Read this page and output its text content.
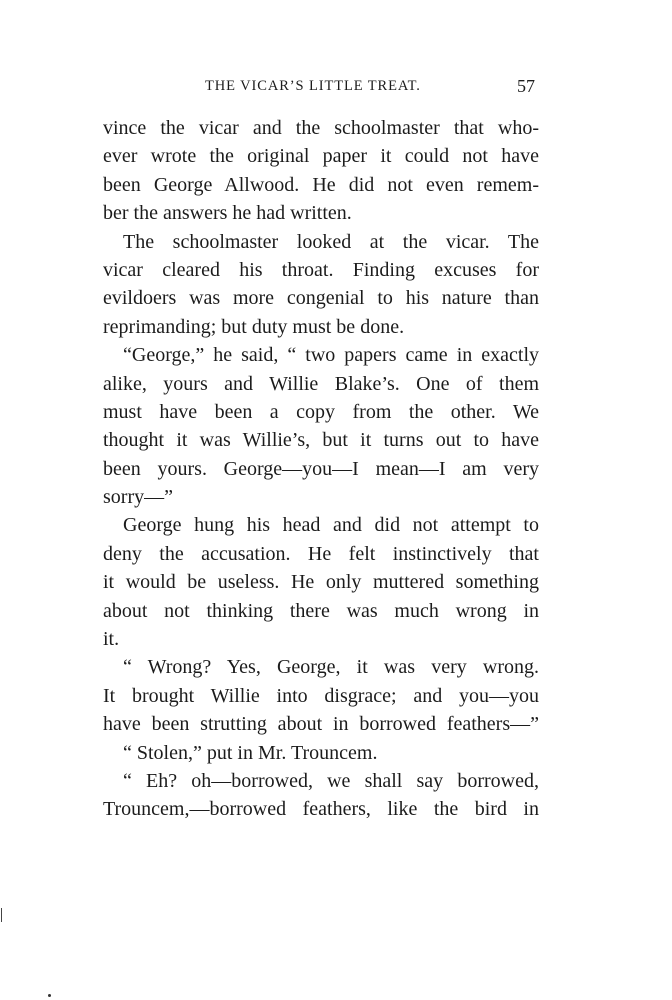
THE VICAR’S LITTLE TREAT.	57
vince the vicar and the schoolmaster that who-
ever wrote the original paper it could not have
been George Allwood. He did not even remem-
ber the answers he had written.
The schoolmaster looked at the vicar. The
vicar cleared his throat. Finding excuses for
evildoers was more congenial to his nature than
reprimanding; but duty must be done.
“George,” he said, “ two papers came in exactly
alike, yours and Willie Blake’s. One of them
must have been a copy from the other. We
thought it was Willie’s, but it turns out to have
been yours. George—you—I mean—I am very
sorry—”
George hung his head and did not attempt to
deny the accusation. He felt instinctively that
it would be useless. He only muttered something
about not thinking there was much wrong in
it.
“ Wrong? Yes, George, it was very wrong.
It brought Willie into disgrace; and you—you
have been strutting about in borrowed feathers—”
“ Stolen,” put in Mr. Trouncem.
“ Eh? oh—borrowed, we shall say borrowed,
Trouncem,—borrowed feathers, like the bird in
